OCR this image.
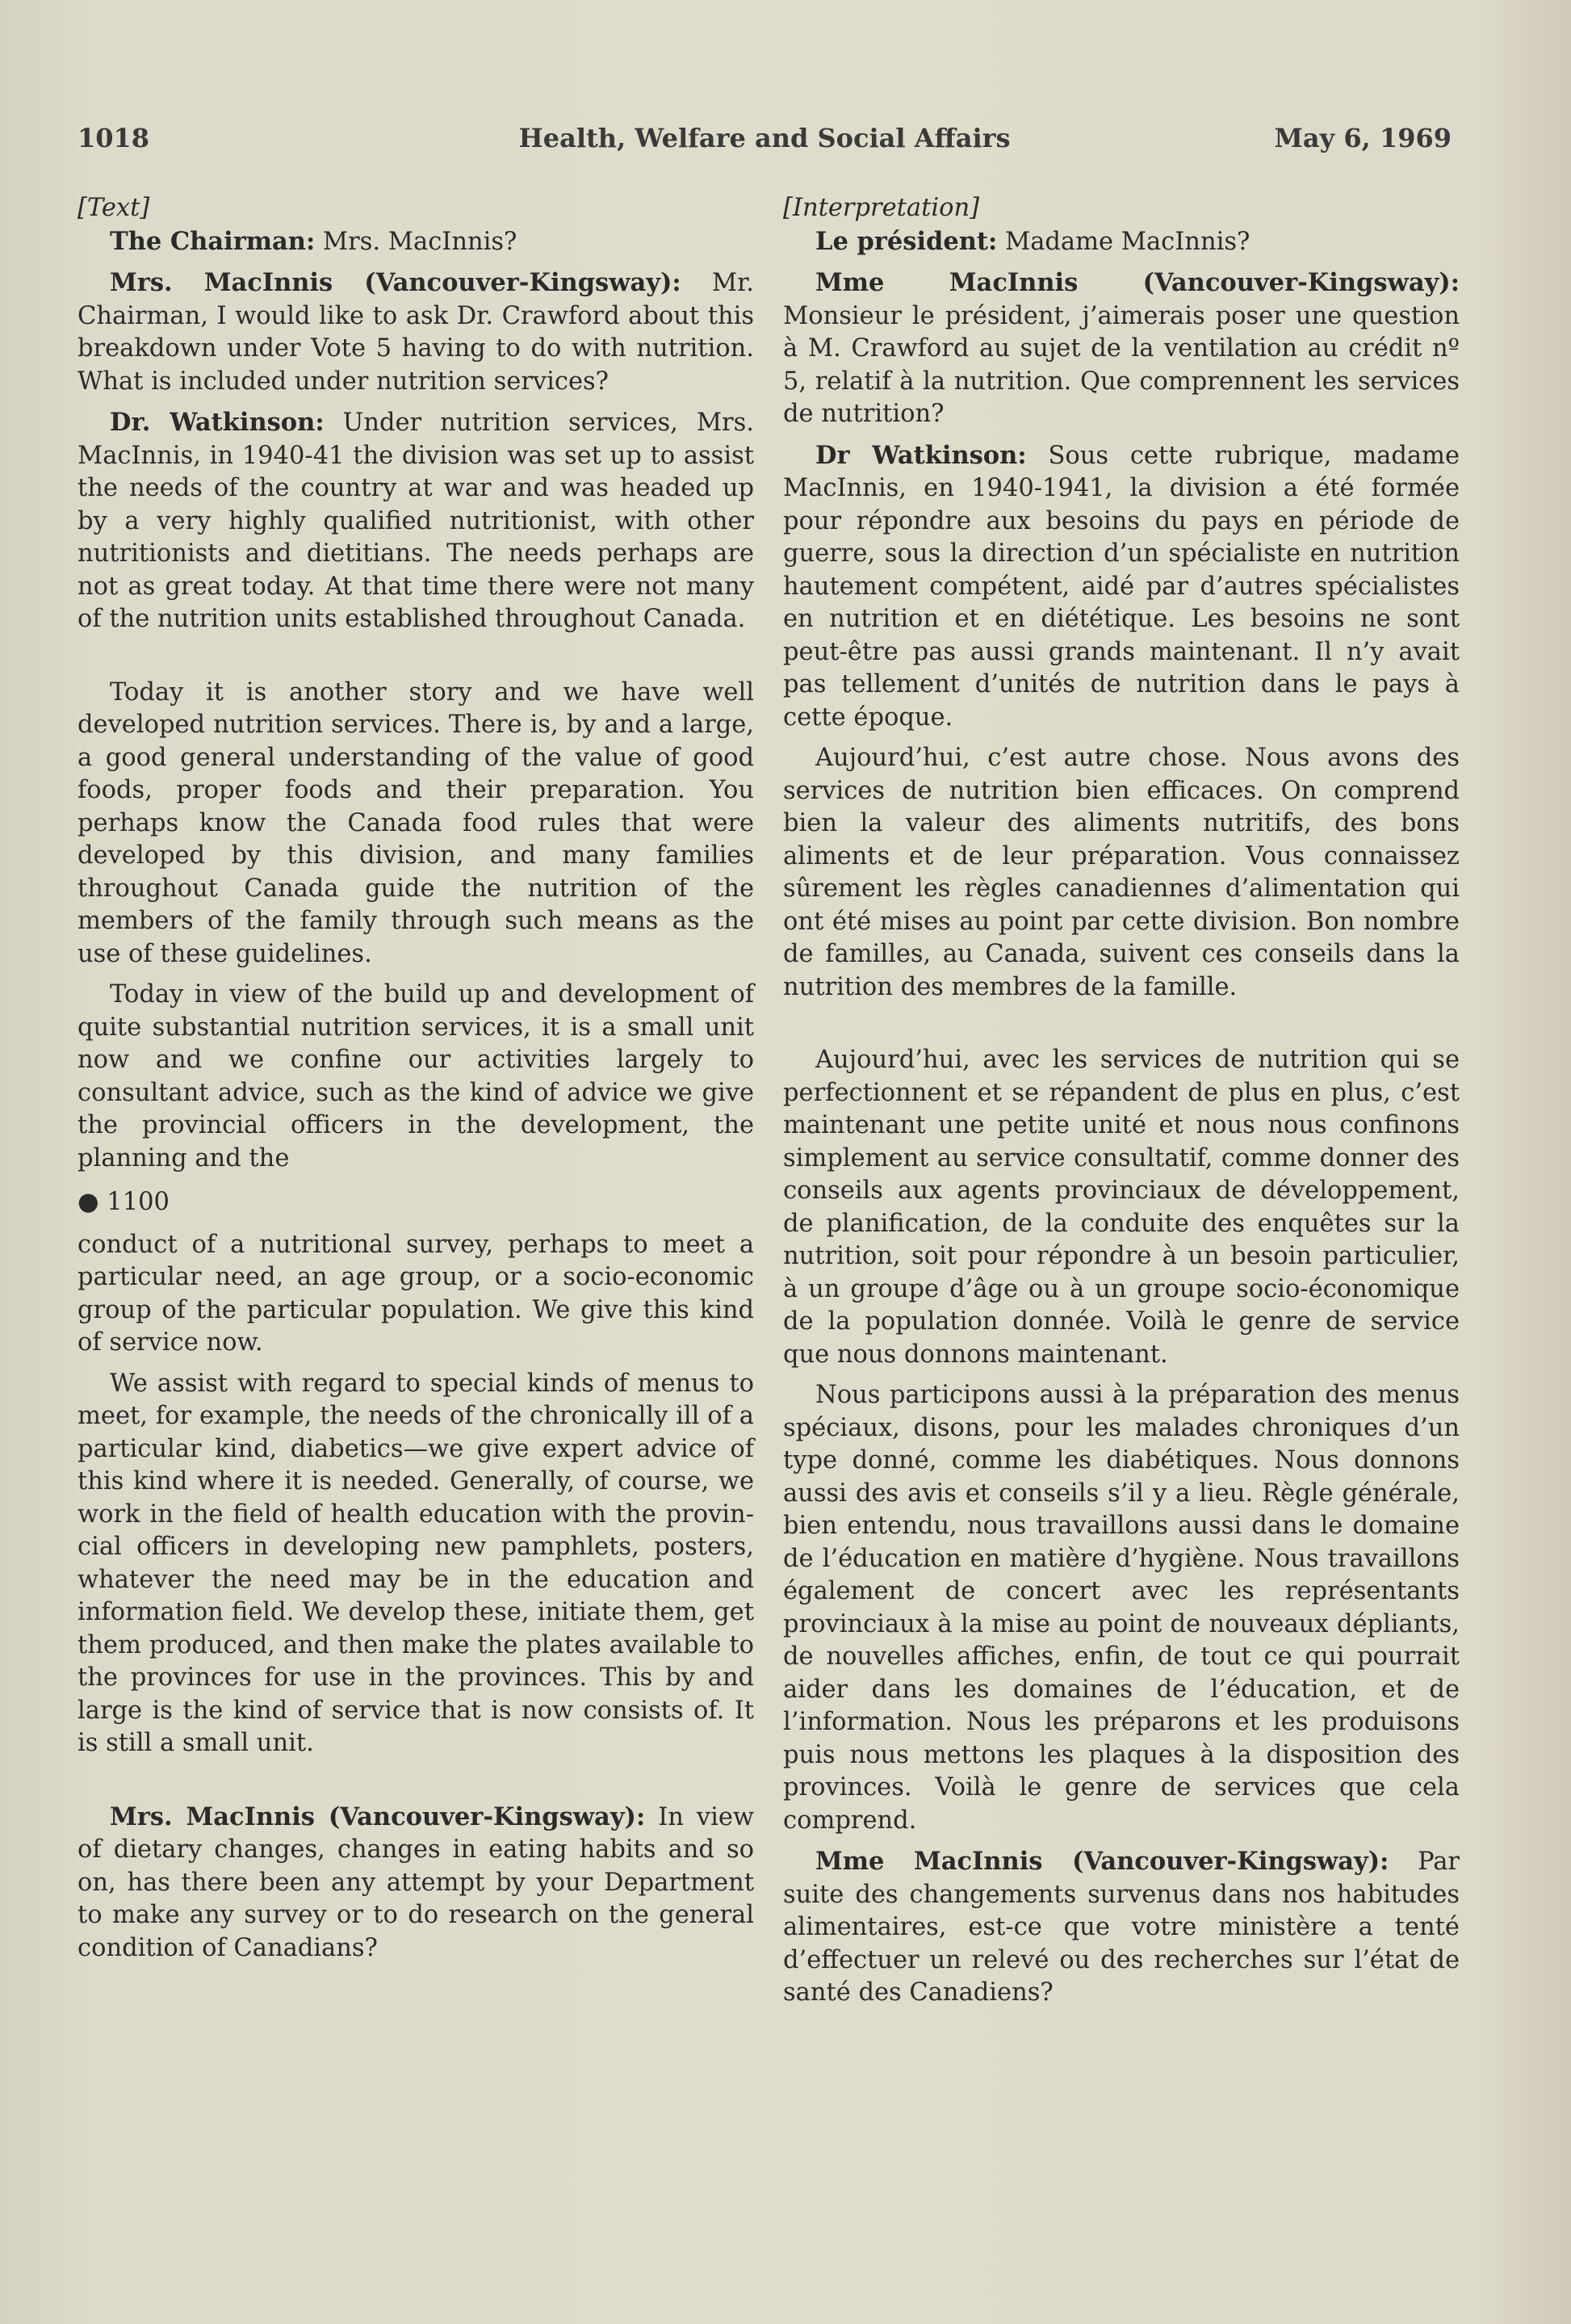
Health, Welfare and Social Affairs
1018	May 6, 1969

[Text]

The Chairman: Mrs. MacInnis?

Mrs. MacInnis (Vancouver-Kingsway): Mr. Chairman, I would like to ask Dr. Crawford about this breakdown under Vote 5 having to do with nutrition. What is included under nutrition services?

Dr. Watkinson: Under nutrition services, Mrs. MacInnis, in 1940-41 the division was set up to assist the needs of the country at war and was headed up by a very highly qualified nutritionist, with other nutritionists and dietitians. The needs perhaps are not as great today. At that time there were not many of the nutrition units established throughout Canada.

Today it is another story and we have well developed nutrition services. There is, by and a large, a good general understanding of the value of good foods, proper foods and their preparation. You perhaps know the Canada food rules that were developed by this division, and many families throughout Canada guide the nutrition of the members of the family through such means as the use of these guidelines.

Today in view of the build up and development of quite substantial nutrition services, it is a small unit now and we confine our activities largely to consultant advice, such as the kind of advice we give the provincial officers in the development, the planning and the

● 1100

conduct of a nutritional survey, perhaps to meet a particular need, an age group, or a socio-economic group of the particular population. We give this kind of service now.

We assist with regard to special kinds of menus to meet, for example, the needs of the chronically ill of a particular kind, diabetics—we give expert advice of this kind where it is needed. Generally, of course, we work in the field of health education with the provincial officers in developing new pamphlets, posters, whatever the need may be in the education and information field. We develop these, initiate them, get them produced, and then make the plates available to the provinces for use in the provinces. This by and large is the kind of service that is now consists of. It is still a small unit.

Mrs. MacInnis (Vancouver-Kingsway): In view of dietary changes, changes in eating habits and so on, has there been any attempt by your Department to make any survey or to do research on the general condition of Canadians?

[Interpretation]

Le président: Madame MacInnis?

Mme MacInnis (Vancouver-Kingsway): Monsieur le président, j’aimerais poser une question à M. Crawford au sujet de la ventilation au crédit nº 5, relatif à la nutrition. Que comprennent les services de nutrition?

Dr Watkinson: Sous cette rubrique, madame MacInnis, en 1940-1941, la division a été formée pour répondre aux besoins du pays en période de guerre, sous la direction d’un spécialiste en nutrition hautement compétent, aidé par d’autres spécialistes en nutrition et en diététique. Les besoins ne sont peut-être pas aussi grands maintenant. Il n’y avait pas tellement d’unités de nutrition dans le pays à cette époque.

Aujourd’hui, c’est autre chose. Nous avons des services de nutrition bien efficaces. On comprend bien la valeur des aliments nutritifs, des bons aliments et de leur préparation. Vous connaissez sûrement les règles canadiennes d’alimentation qui ont été mises au point par cette division. Bon nombre de familles, au Canada, suivent ces conseils dans la nutrition des membres de la famille.

Aujourd’hui, avec les services de nutrition qui se perfectionnent et se répandent de plus en plus, c’est maintenant une petite unité et nous nous confinons simplement au service consultatif, comme donner des conseils aux agents provinciaux de développement, de planification, de la conduite des enquêtes sur la nutrition, soit pour répondre à un besoin particulier, à un groupe d’âge ou à un groupe socio-économique de la population donnée. Voilà le genre de service que nous donnons maintenant.

Nous participons aussi à la préparation des menus spéciaux, disons, pour les malades chroniques d’un type donné, comme les diabétiques. Nous donnons aussi des avis et conseils s’il y a lieu. Règle générale, bien entendu, nous travaillons aussi dans le domaine de l’éducation en matière d’hygiène. Nous travaillons également de concert avec les représentants provinciaux à la mise au point de nouveaux dépliants, de nouvelles affiches, enfin, de tout ce qui pourrait aider dans les domaines de l’éducation, et de l’information. Nous les préparons et les produisons puis nous mettons les plaques à la disposition des provinces. Voilà le genre de services que cela comprend.

Mme MacInnis (Vancouver-Kingsway): Par suite des changements survenus dans nos habitudes alimentaires, est-ce que votre ministère a tenté d’effectuer un relevé ou des recherches sur l’état de santé des Canadiens?
